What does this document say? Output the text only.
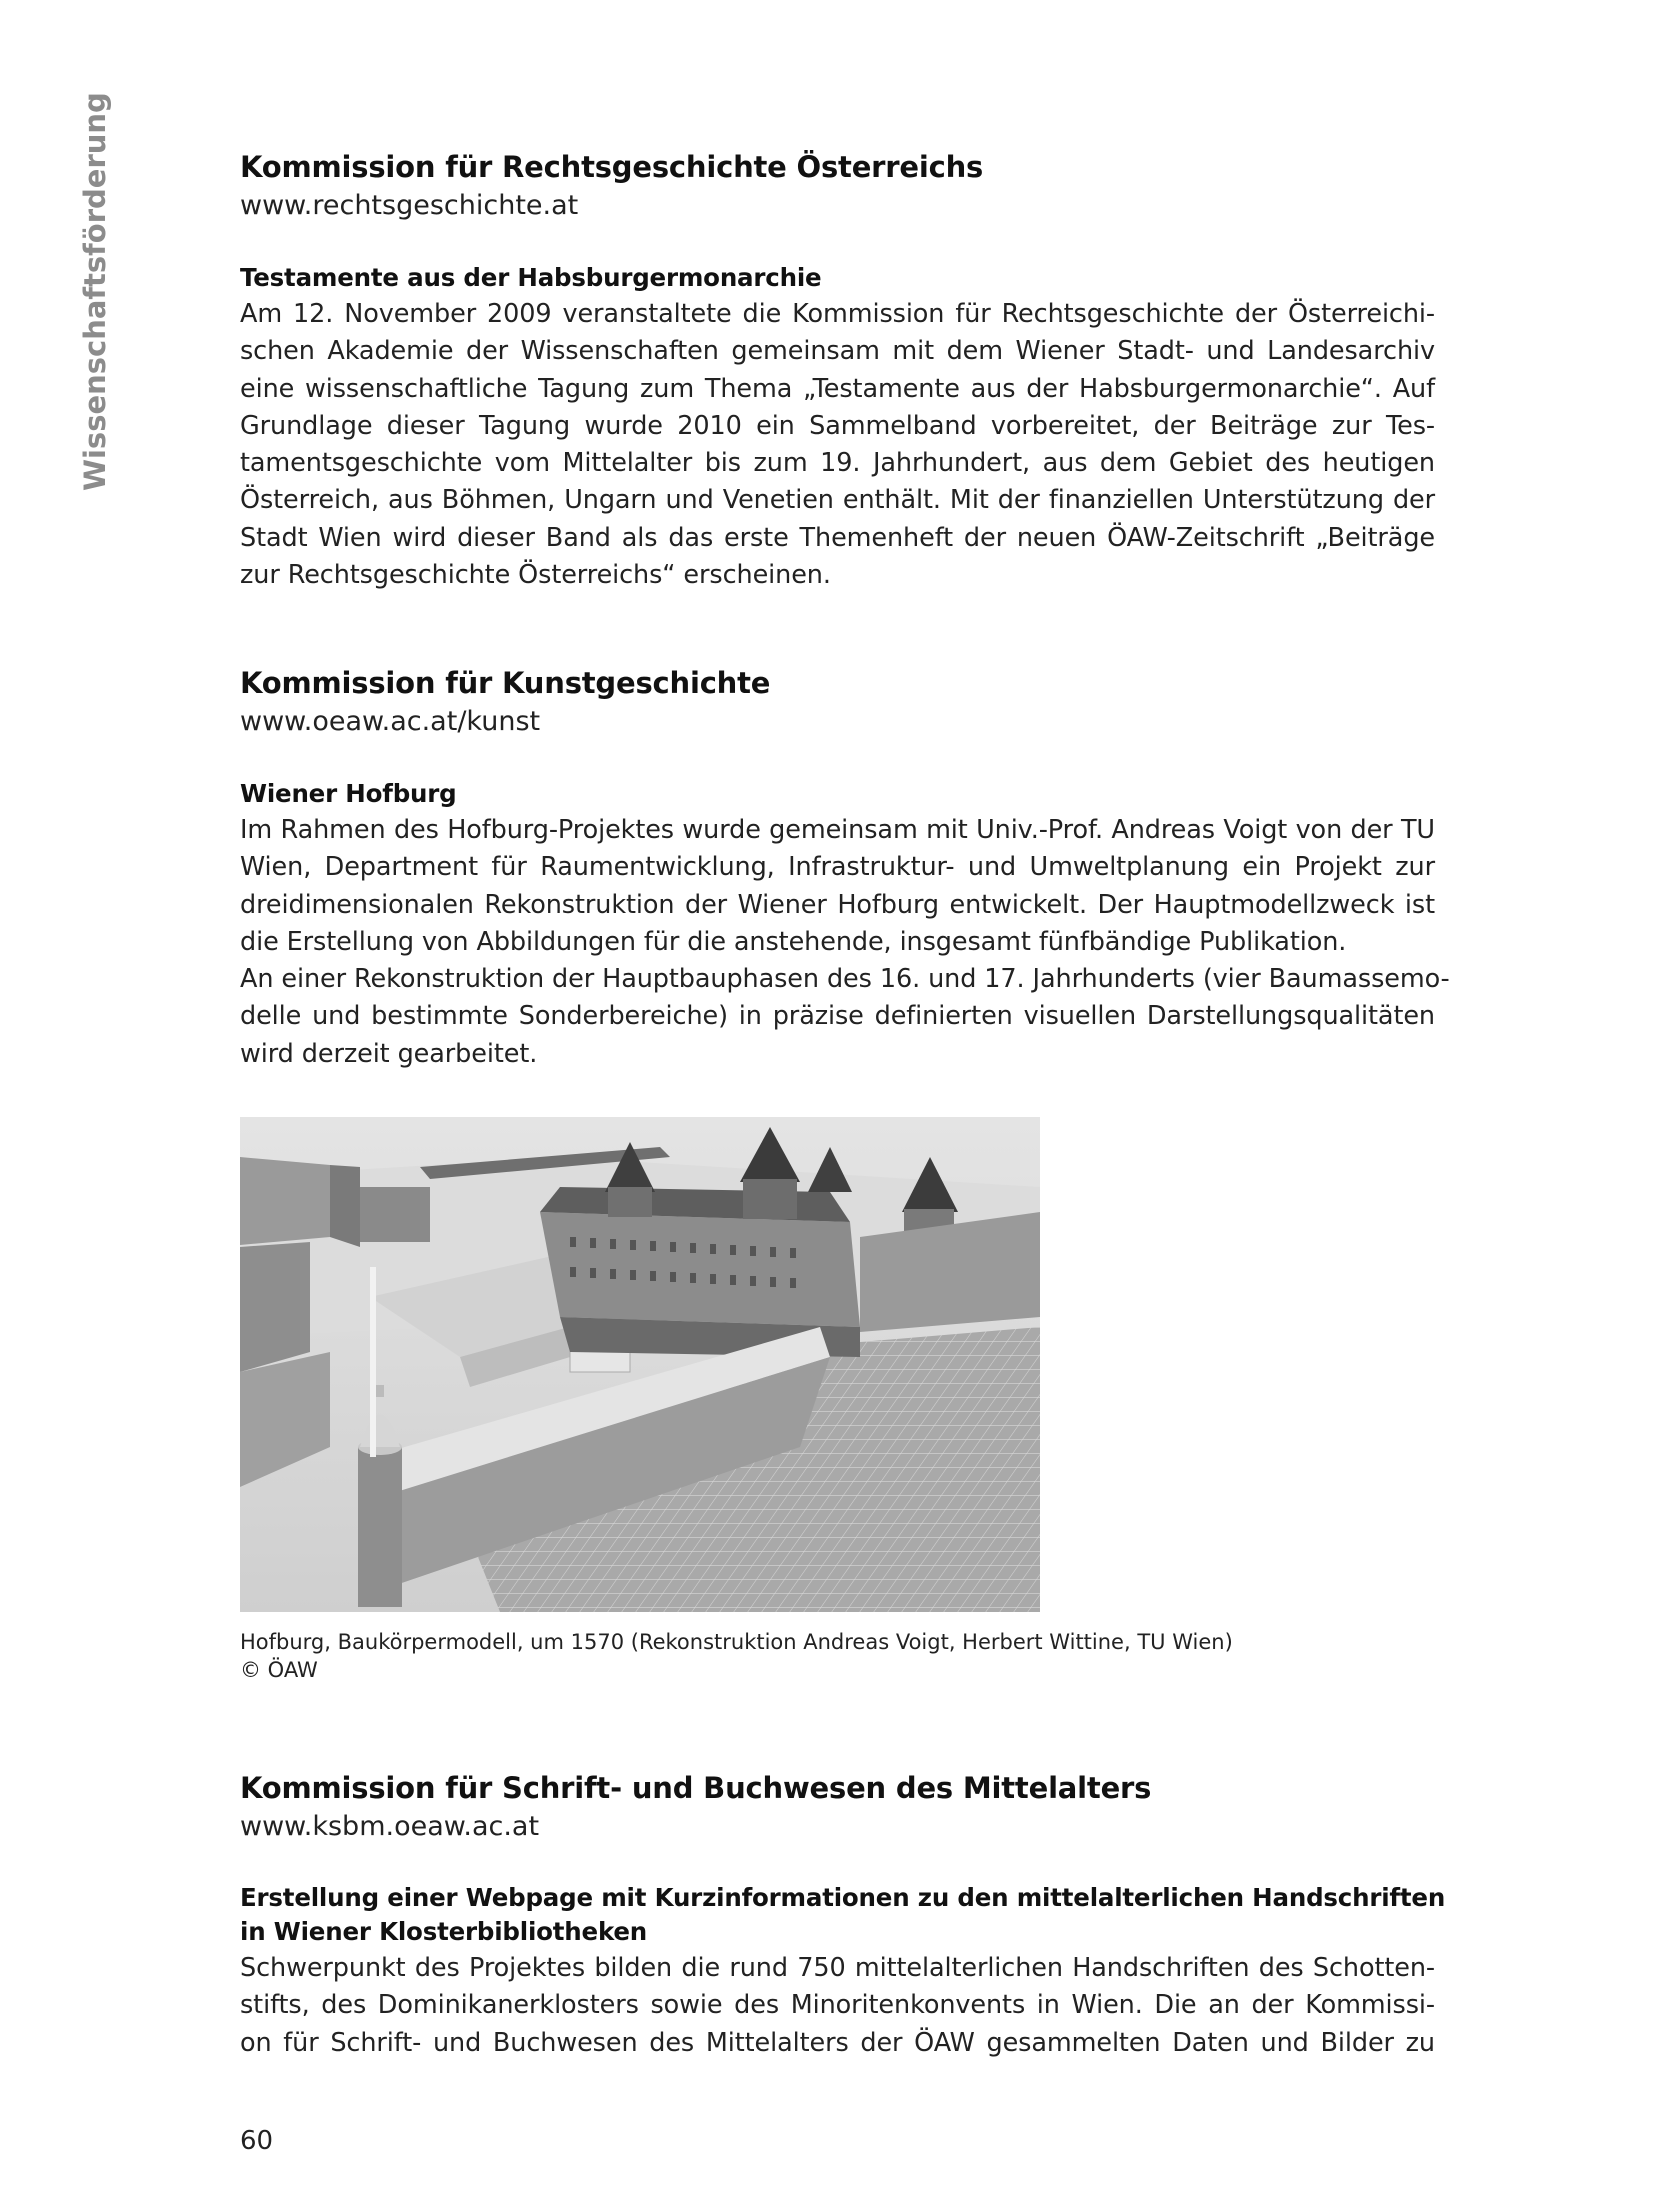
Wissenschaftsförderung	Kommission für Rechtsgeschichte Österreichs
www.rechtsgeschichte.at
Testamente aus der Habsburgermonarchie
Am 12. November 2009 veranstaltete die Kommission für Rechtsgeschichte der Österreichi-
schen Akademie der Wissenschaften gemeinsam mit dem Wiener Stadt- und Landesarchiv
eine wissenschaftliche Tagung zum Thema „Testamente aus der Habsburgermonarchie“. Auf
Grundlage dieser Tagung wurde 2010 ein Sammelband vorbereitet, der Beiträge zur Tes-
tamentsgeschichte vom Mittelalter bis zum 19. Jahrhundert, aus dem Gebiet des heutigen
Österreich, aus Böhmen, Ungarn und Venetien enthält. Mit der finanziellen Unterstützung der
Stadt Wien wird dieser Band als das erste Themenheft der neuen ÖAW-Zeitschrift „Beiträge
zur Rechtsgeschichte Österreichs“ erscheinen.
Kommission für Kunstgeschichte
www.oeaw.ac.at/kunst
Wiener Hofburg
Im Rahmen des Hofburg-Projektes wurde gemeinsam mit Univ.-Prof. Andreas Voigt von der TU
Wien, Department für Raumentwicklung, Infrastruktur- und Umweltplanung ein Projekt zur
dreidimensionalen Rekonstruktion der Wiener Hofburg entwickelt. Der Hauptmodellzweck ist
die Erstellung von Abbildungen für die anstehende, insgesamt fünfbändige Publikation.
An einer Rekonstruktion der Hauptbauphasen des 16. und 17. Jahrhunderts (vier Baumassemo-
delle und bestimmte Sonderbereiche) in präzise definierten visuellen Darstellungsqualitäten
wird derzeit gearbeitet.
Hofburg, Baukörpermodell, um 1570 (Rekonstruktion Andreas Voigt, Herbert Wittine, TU Wien)
© ÖAW
Kommission für Schrift- und Buchwesen des Mittelalters
www.ksbm.oeaw.ac.at
Erstellung einer Webpage mit Kurzinformationen zu den mittelalterlichen Handschriften
in Wiener Klosterbibliotheken
Schwerpunkt des Projektes bilden die rund 750 mittelalterlichen Handschriften des Schotten-
stifts, des Dominikanerklosters sowie des Minoritenkonvents in Wien. Die an der Kommissi-
on für Schrift- und Buchwesen des Mittelalters der ÖAW gesammelten Daten und Bilder zu
60
